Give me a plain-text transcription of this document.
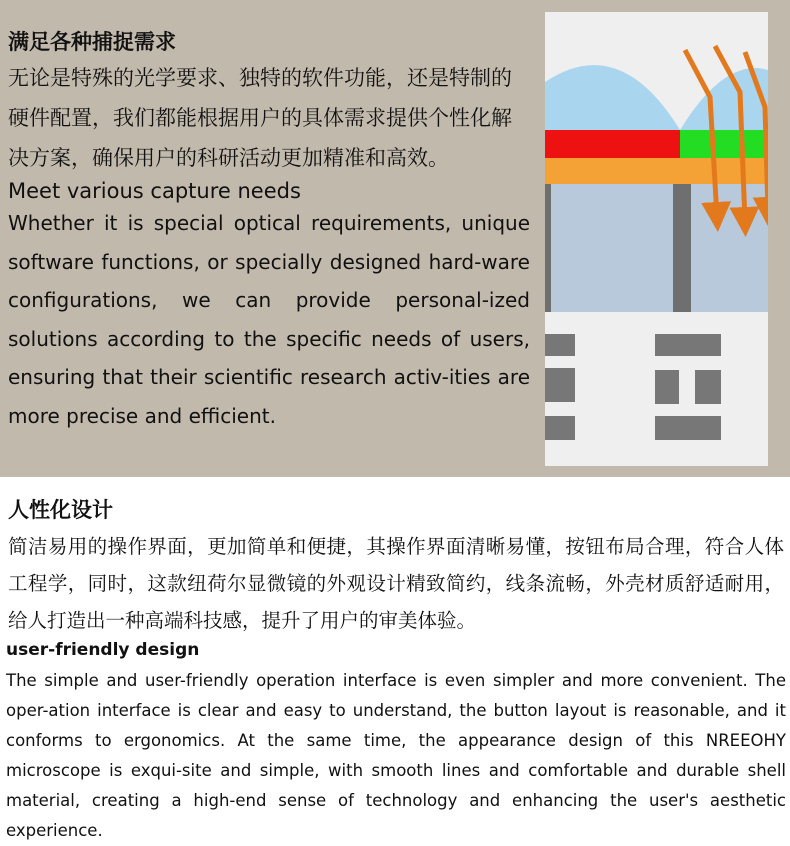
满足各种捕捉需求

无论是特殊的光学要求、独特的软件功能，还是特制的硬件配置，我们都能根据用户的具体需求提供个性化解决方案，确保用户的科研活动更加精准和高效。

Meet various capture needs

Whether it is special optical requirements, unique software functions, or specially designed hard-ware configurations, we can provide personal-ized solutions according to the specific needs of users, ensuring that their scientific research activ-ities are more precise and efficient.

人性化设计

简洁易用的操作界面，更加简单和便捷，其操作界面清晰易懂，按钮布局合理，符合人体工程学，同时，这款纽荷尔显微镜的外观设计精致简约，线条流畅，外壳材质舒适耐用，给人打造出一种高端科技感，提升了用户的审美体验。

user-friendly design

The simple and user-friendly operation interface is even simpler and more convenient. The oper-ation interface is clear and easy to understand, the button layout is reasonable, and it conforms to ergonomics. At the same time, the appearance design of this NREEOHY microscope is exqui-site and simple, with smooth lines and comfortable and durable shell material, creating a high-end sense of technology and enhancing the user's aesthetic experience.
